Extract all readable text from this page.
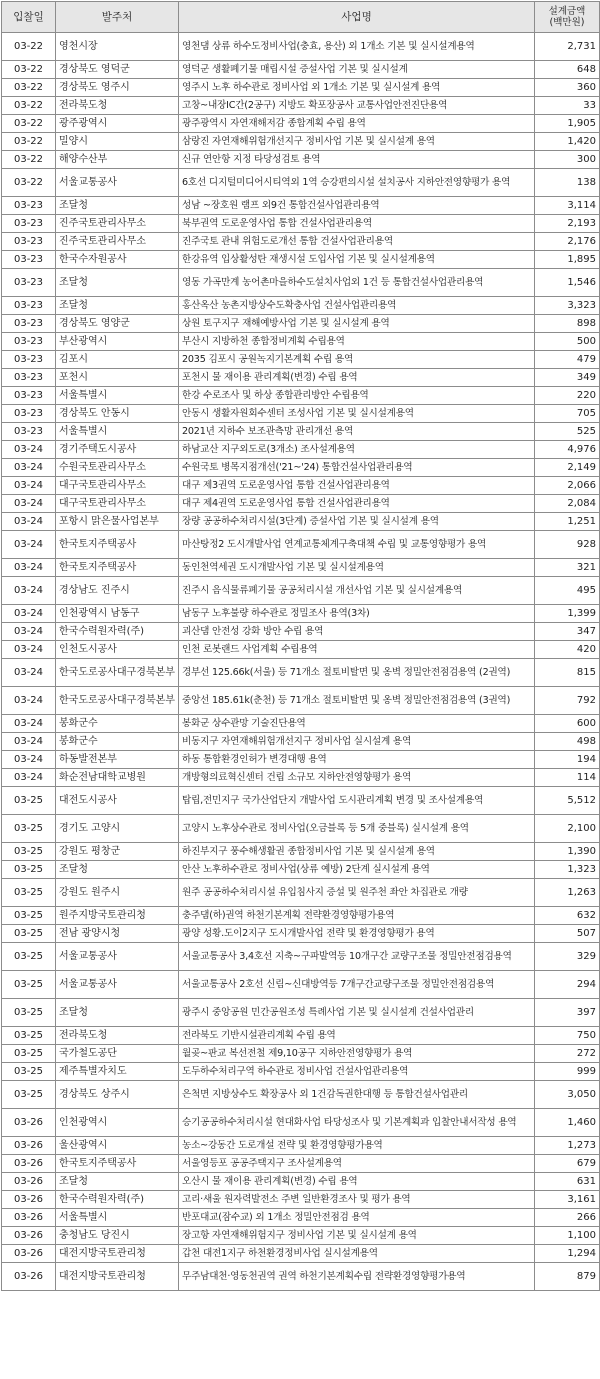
입찰일	발주처	사업명	설계금액
(백만원)
03-22	영천시장	영천댐 상류 하수도정비사업(충효, 용산) 외 1개소 기본 및 실시설계용역	2,731
03-22	경상북도 영덕군	영덕군 생활폐기물 매립시설 증설사업 기본 및 실시설계	648
03-22	경상북도 영주시	영주시 노후 하수관로 정비사업 외 1개소 기본 및 실시설계 용역	360
03-22	전라북도청	고창~내장IC간(2공구) 지방도 확포장공사 교통사업안전진단용역	33
03-22	광주광역시	광주광역시 자연재해저감 종합계획 수립 용역	1,905
03-22	밀양시	삼랑진 자연재해위험개선지구 정비사업 기본 및 실시설계 용역	1,420
03-22	해양수산부	신규 연안항 지정 타당성검토 용역	300
03-22	서울교통공사	6호선 디지털미디어시티역외 1역 승강편의시설 설치공사 지하안전영향평가 용역	138
03-23	조달청	성남 ~장호원 램프 외9건 통합건설사업관리용역	3,114
03-23	진주국토관리사무소	북부권역 도로운영사업 통합 건설사업관리용역	2,193
03-23	진주국토관리사무소	진주국토 관내 위험도로개선 통합 건설사업관리용역	2,176
03-23	한국수자원공사	한강유역 입상활성탄 재생시설 도입사업 기본 및 실시설계용역	1,895
03-23	조달청	영동 가곡만계 농어촌마을하수도설치사업외 1건 등 통합건설사업관리용역	1,546
03-23	조달청	홍산옥산 농촌지방상수도확충사업 건설사업관리용역	3,323
03-23	경상북도 영양군	상원 토구지구 재해예방사업 기본 및 실시설계 용역	898
03-23	부산광역시	부산시 지방하천 종합정비계획 수립용역	500
03-23	김포시	2035 김포시 공원녹지기본계획 수립 용역	479
03-23	포천시	포천시 물 재이용 관리계획(변경) 수립 용역	349
03-23	서울특별시	한강 수로조사 및 하상 종합관리방안 수립용역	220
03-23	경상북도 안동시	안동시 생활자원회수센터 조성사업 기본 및 실시설계용역	705
03-23	서울특별시	2021년 지하수 보조관측망 관리개선 용역	525
03-24	경기주택도시공사	하남교산 지구외도로(3개소) 조사설계용역	4,976
03-24	수원국토관리사무소	수원국토 병목지점개선('21~'24) 통합건설사업관리용역	2,149
03-24	대구국토관리사무소	대구 제3권역 도로운영사업 통합 건설사업관리용역	2,066
03-24	대구국토관리사무소	대구 제4권역 도로운영사업 통합 건설사업관리용역	2,084
03-24	포항시 맑은물사업본부	장량 공공하수처리시설(3단계) 증설사업 기본 및 실시설계 용역	1,251
03-24	한국토지주택공사	마산탕정2 도시개발사업 연계교통체계구축대책 수립 및 교통영향평가 용역	928
03-24	한국토지주택공사	동인천역세권 도시개발사업 기본 및 실시설계용역	321
03-24	경상남도 진주시	진주시 음식물류폐기물 공공처리시설 개선사업 기본 및 실시설계용역	495
03-24	인천광역시 남동구	남동구 노후불량 하수관로 정밀조사 용역(3차)	1,399
03-24	한국수력원자력(주)	괴산댐 안전성 강화 방안 수립 용역	347
03-24	인천도시공사	인천 로봇랜드 사업계획 수립용역	420
03-24	한국도로공사대구경북본부	경부선 125.66k(서울) 등 71개소 절토비탈면 및 옹벽 정밀안전점검용역 (2권역)	815
03-24	한국도로공사대구경북본부	중앙선 185.61k(춘천) 등 71개소 절토비탈면 및 옹벽 정밀안전점검용역 (3권역)	792
03-24	봉화군수	봉화군 상수관망 기술진단용역	600
03-24	봉화군수	비동지구 자연재해위험개선지구 정비사업 실시설계 용역	498
03-24	하동발전본부	하동 통합환경인허가 변경대행 용역	194
03-24	화순전남대학교병원	개방형의료혁신센터 건립 소규모 지하안전영향평가 용역	114
03-25	대전도시공사	탑립,전민지구 국가산업단지 개발사업 도시관리계획 변경 및 조사설계용역	5,512
03-25	경기도 고양시	고양시 노후상수관로 정비사업(오금블록 등 5개 중블록) 실시설계 용역	2,100
03-25	강원도 평창군	하진부지구 풍수해생활권 종합정비사업 기본 및 실시설계 용역	1,390
03-25	조달청	안산 노후하수관로 정비사업(상류 예방) 2단계 실시설계 용역	1,323
03-25	강원도 원주시	원주 공공하수처리시설 유입침사지 증설 및 원주천 좌안 차집관로 개량	1,263
03-25	원주지방국토관리청	충주댐(하)권역 하천기본계획 전략환경영향평가용역	632
03-25	전남 광양시청	광양 성황.도이2지구 도시개발사업 전략 및 환경영향평가 용역	507
03-25	서울교통공사	서울교통공사 3,4호선 지축~구파발역등 10개구간 교량구조물 정밀안전점검용역	329
03-25	서울교통공사	서울교통공사 2호선 신림~신대방역등 7개구간교량구조물 정밀안전점검용역	294
03-25	조달청	광주시 중앙공원 민간공원조성 특례사업 기본 및 실시설계 건설사업관리	397
03-25	전라북도청	전라북도 기반시설관리계획 수립 용역	750
03-25	국가철도공단	월곶~판교 복선전철 제9,10공구 지하안전영향평가 용역	272
03-25	제주특별자치도	도두하수처리구역 하수관로 정비사업 건설사업관리용역	999
03-25	경상북도 상주시	은척면 지방상수도 확장공사 외 1건감독권한대행 등 통합건설사업관리	3,050
03-26	인천광역시	승기공공하수처리시설 현대화사업 타당성조사 및 기본계획과 입찰안내서작성 용역	1,460
03-26	울산광역시	농소~강동간 도로개설 전략 및 환경영향평가용역	1,273
03-26	한국토지주택공사	서울영등포 공공주택지구 조사설계용역	679
03-26	조달청	오산시 물 재이용 관리계획(변경) 수립 용역	631
03-26	한국수력원자력(주)	고리·새울 원자력발전소 주변 일반환경조사 및 평가 용역	3,161
03-26	서울특별시	반포대교(잠수교) 외 1개소 정밀안전점검 용역	266
03-26	충청남도 당진시	장고항 자연재해위험지구 정비사업 기본 및 실시설계 용역	1,100
03-26	대전지방국토관리청	갑천 대전1지구 하천환경정비사업 실시설계용역	1,294
03-26	대전지방국토관리청	무주남대천·영동천권역 권역 하천기본계획수립 전략환경영향평가용역	879
